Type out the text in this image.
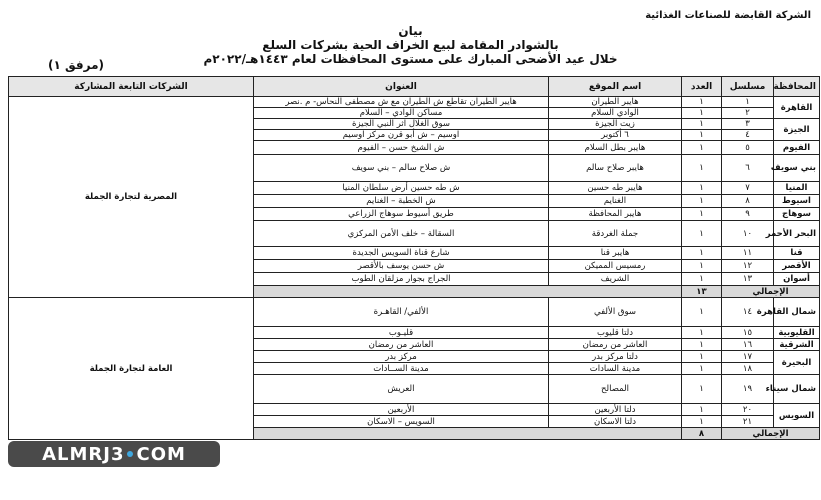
الشركة القابضة للصناعات الغذائية
بيان
بالشوادر المقامة لبيع الخراف الحية بشركات السلع
خلال عيد الأضحى المبارك على مستوى المحافظات لعام ١٤٤٣هـ/٢٠٢٢م
(مرفق ١)
المحافظة	مسلسل	العدد	اسم الموقع	العنوان	الشركات التابعة المشاركة
القاهرة	١	١	هايبر الطيران	هايبر الطيران تقاطع ش الطيران مع ش مصطفى النحاس- م .نصر	المصرية لتجارة الجملة
	٢	١	الوادي السلام	مساكن الوادي – السلام	
الجيزة	٣	١	زيت الجيزة	سوق الغلال اثر النبي الجيزة	
	٤	١	٦ أكتوبر	اوسيم – ش أبو قرن مركز اوسيم	
الفيوم	٥	١	هايبر بطل السلام	ش الشيخ حسن – الفيوم	
بني سويف	٦	١	هايبر صلاح سالم	ش صلاح سالم – بني سويف	
المنيا	٧	١	هايبر طه حسين	ش طه حسين أرض سلطان المنيا	
اسيوط	٨	١	الغنايم	ش الخطبة – الغنايم	
سوهاج	٩	١	هايبر المحافظة	طريق أسيوط سوهاج الزراعي	
البحر الأحمر	١٠	١	جملة الغردقة	السقالة – خلف الأمن المركزي	
قنا	١١	١	هايبر قنا	شارع قناة السويس الجديدة	
الأقصر	١٢	١	رمسيس المميكن	ش حسن يوسف بالأقصر	
أسوان	١٣	١	الشريف	الجراج بجوار مزلقان الطوب	
الإجمالي		١٣			
شمال القاهرة	١٤	١	سوق الألفي	الألفي/ القاهـرة	العامة لتجارة الجملة
القليوبية	١٥	١	دلتا قليوب	قليـوب	
الشرقية	١٦	١	العاشر من رمضان	العاشر من رمضان	
البحيرة	١٧	١	دلتا مركز بدر	مركز بدر	
	١٨	١	مدينة السادات	مدينة الســادات	
شمال سيناء	١٩	١	المصالح	العريش	
السويس	٢٠	١	دلتا الأربعين	الأربعين	
	٢١	١	دلتا الاسكان	السويس – الاسكان	
الإجمالي		٨			
ALMRJ3 COM
